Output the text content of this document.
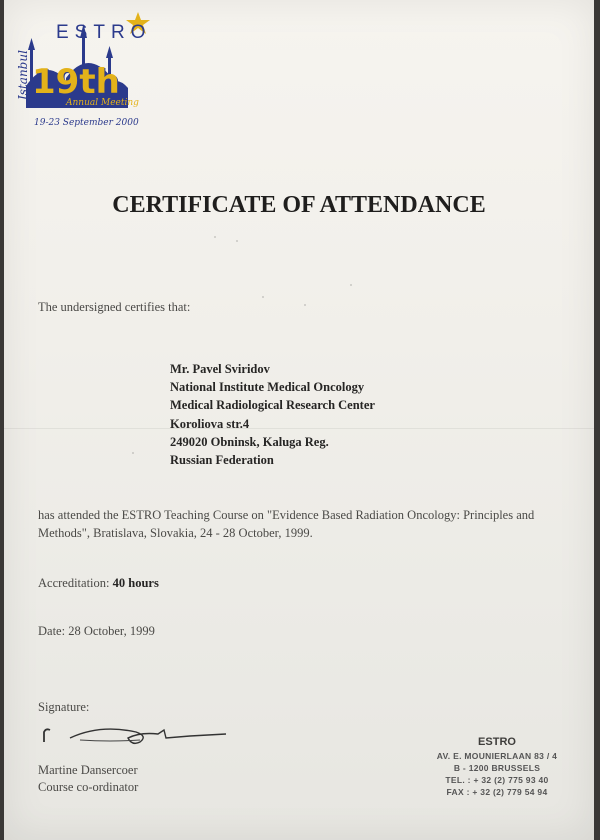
Istanbul
ESTRO
19th
Annual Meeting
19-23 September 2000
CERTIFICATE OF ATTENDANCE
The undersigned certifies that:
Mr. Pavel Sviridov
National Institute Medical Oncology
Medical Radiological Research Center
Koroliova str.4
249020 Obninsk, Kaluga Reg.
Russian Federation
has attended the ESTRO Teaching Course on "Evidence Based Radiation Oncology: Principles and Methods", Bratislava, Slovakia, 24 - 28 October, 1999.
Accreditation: 40 hours
Date: 28 October, 1999
Signature:
Martine Dansercoer
Course co-ordinator
ESTRO
AV. E. MOUNIERLAAN 83 / 4
B - 1200 BRUSSELS
TEL. : + 32 (2) 775 93 40
FAX : + 32 (2) 779 54 94
